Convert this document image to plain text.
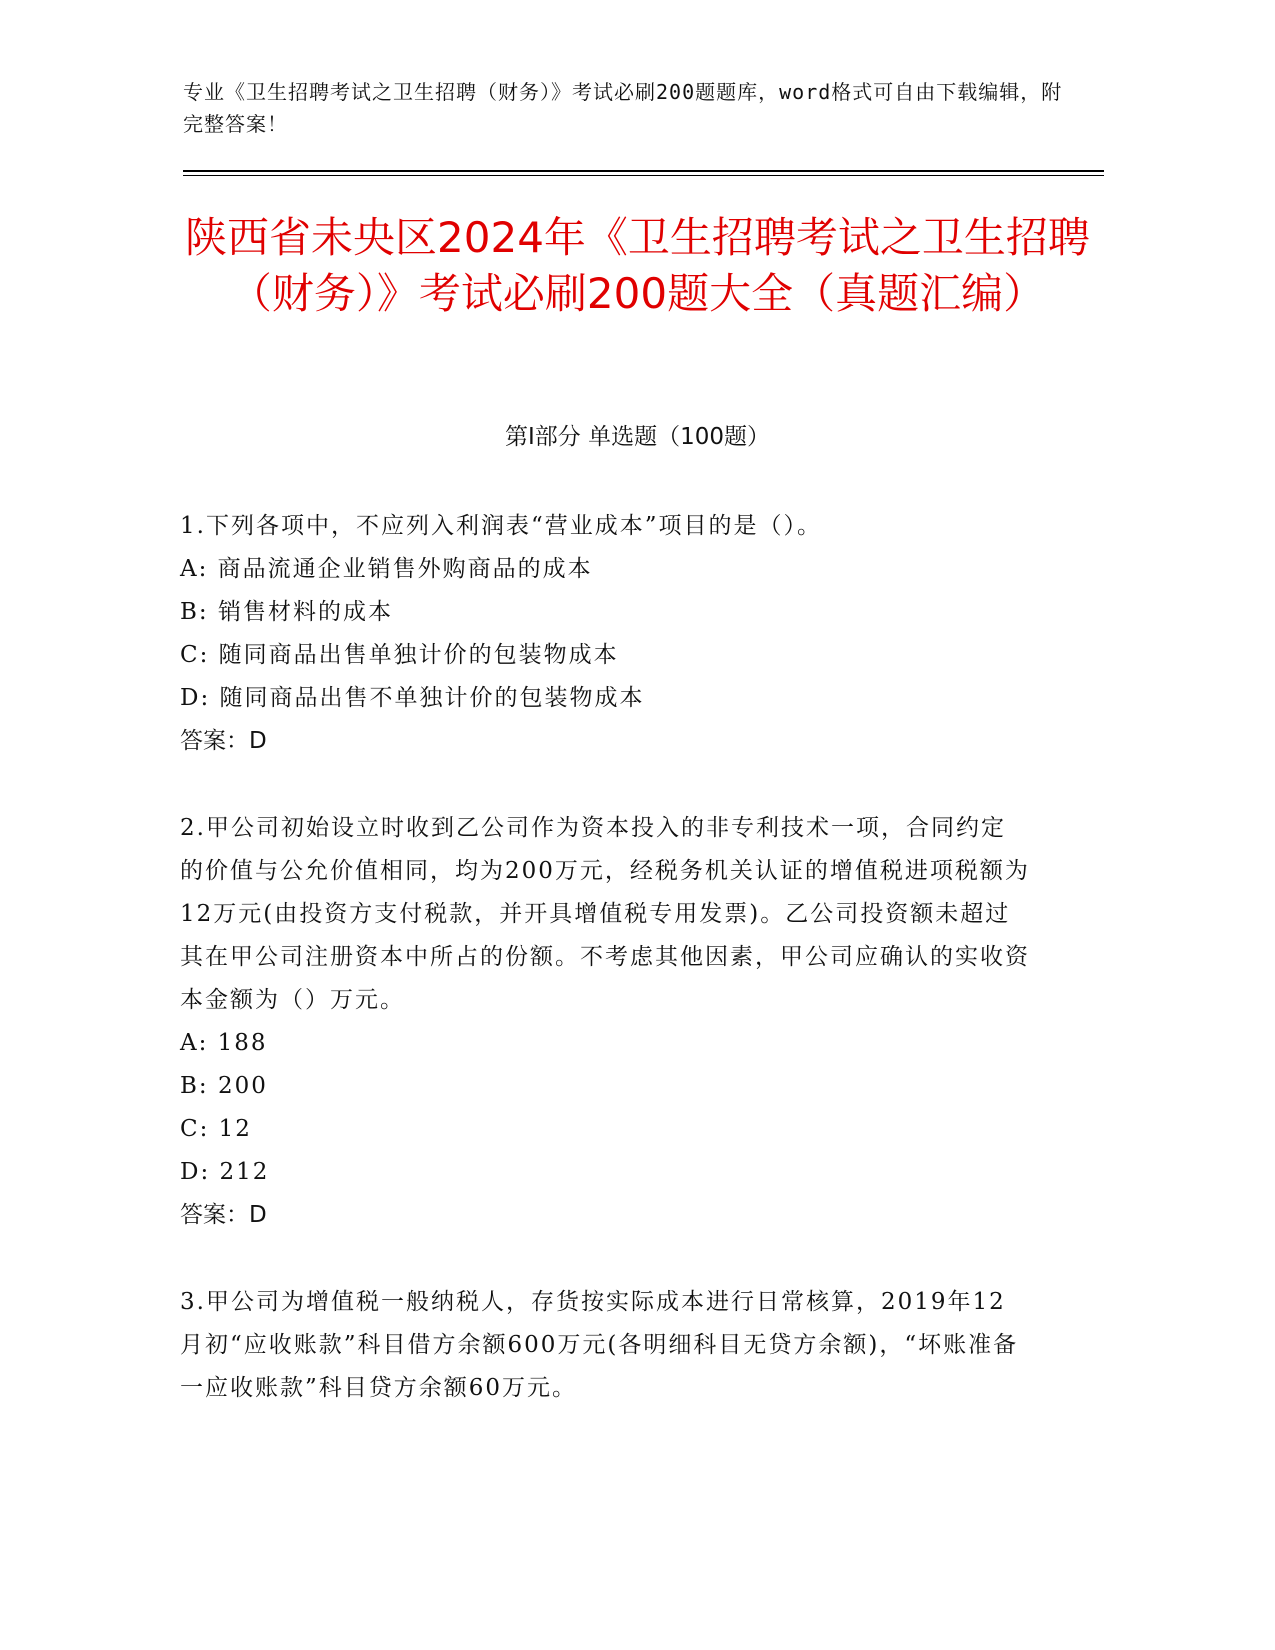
专业《卫生招聘考试之卫生招聘（财务）》考试必刷200题题库，word格式可自由下载编辑，附完整答案！
陕西省未央区2024年《卫生招聘考试之卫生招聘（财务）》考试必刷200题大全（真题汇编）
第I部分 单选题（100题）

1.下列各项中，不应列入利润表“营业成本”项目的是（）。

A: 商品流通企业销售外购商品的成本

B: 销售材料的成本

C: 随同商品出售单独计价的包装物成本

D: 随同商品出售不单独计价的包装物成本

答案：D

2.甲公司初始设立时收到乙公司作为资本投入的非专利技术一项，合同约定的价值与公允价值相同，均为200万元，经税务机关认证的增值税进项税额为12万元(由投资方支付税款，并开具增值税专用发票)。乙公司投资额未超过其在甲公司注册资本中所占的份额。不考虑其他因素，甲公司应确认的实收资本金额为（）万元。

A: 188

B: 200

C: 12

D: 212

答案：D

3.甲公司为增值税一般纳税人，存货按实际成本进行日常核算，2019年12月初“应收账款”科目借方余额600万元(各明细科目无贷方余额)，“坏账准备一应收账款”科目贷方余额60万元。
